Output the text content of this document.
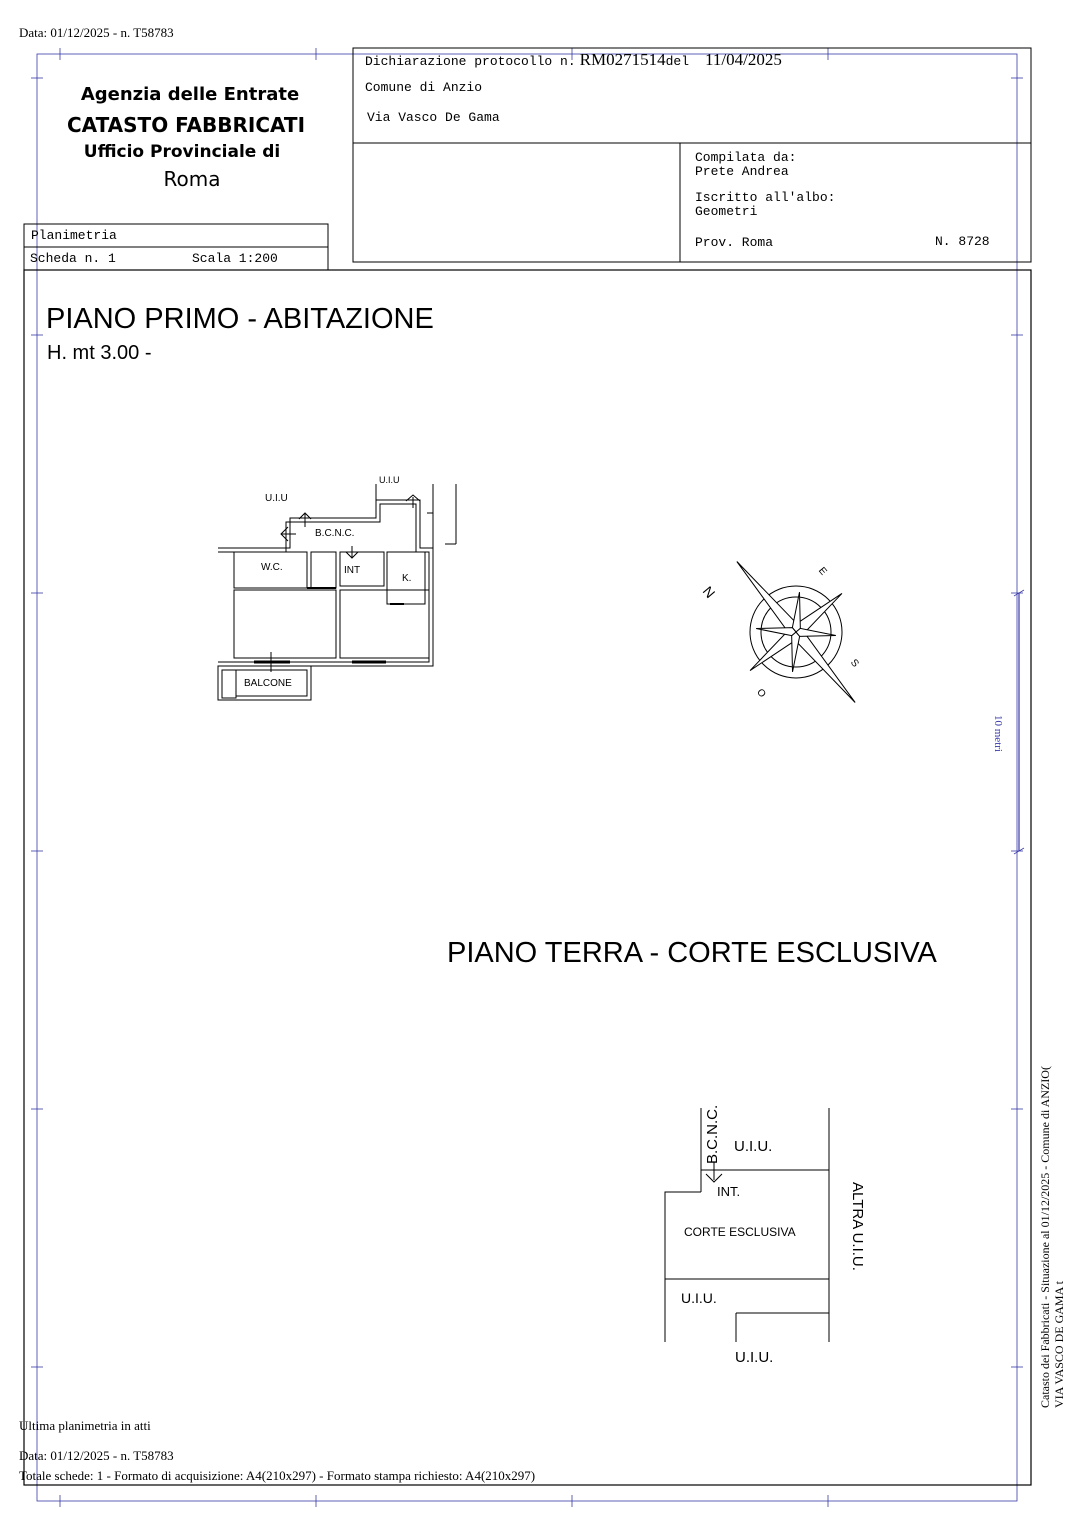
Data: 01/12/2025 - n. T58783
Agenzia delle Entrate
CATASTO FABBRICATI
Ufficio Provinciale di
Roma
Dichiarazione protocollo n. RM0271514del 11/04/2025
Comune di Anzio
Via Vasco De Gama
Compilata da:
Prete Andrea
Iscritto all'albo:
Geometri
Prov. Roma	N. 8728
Planimetria
Scheda n. 1	Scala 1:200
PIANO PRIMO - ABITAZIONE
H. mt 3.00 -
U.I.U
U.I.U
B.C.N.C.
W.C.	INT
K.
BALCONE
N
E
S
O
10 metri
PIANO TERRA - CORTE ESCLUSIVA
B.C.N.C. U.I.U.
INT.
CORTE ESCLUSIVA	ALTRA U.I.U.
U.I.U.
U.I.U.	Catasto dei Fabbricati - Situazione al 01/12/2025 - Comune di ANZIO( VIA VASCO DE GAMA t
Ultima planimetria in atti
Data: 01/12/2025 - n. T58783
Totale schede: 1 - Formato di acquisizione: A4(210x297) - Formato stampa richiesto: A4(210x297)
